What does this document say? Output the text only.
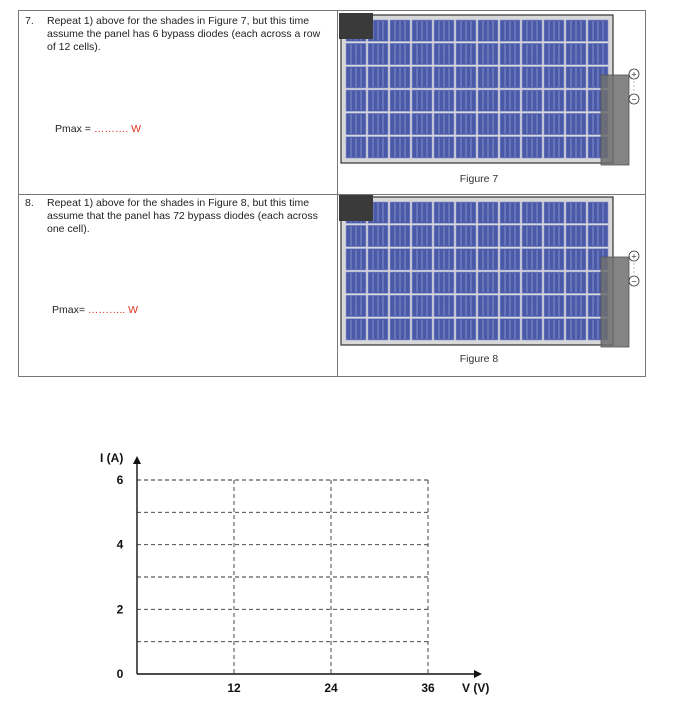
7. Repeat 1) above for the shades in Figure 7, but this time assume the panel has 6 bypass diodes (each across a row of 12 cells).
Pmax = ………. W
+
−
Figure 7
8. Repeat 1) above for the shades in Figure 8, but this time assume that the panel has 72 bypass diodes (each across one cell).
Pmax= ……….. W
+
−
Figure 8
12	24	36
6
4
2
0
I (A)
V (V)
